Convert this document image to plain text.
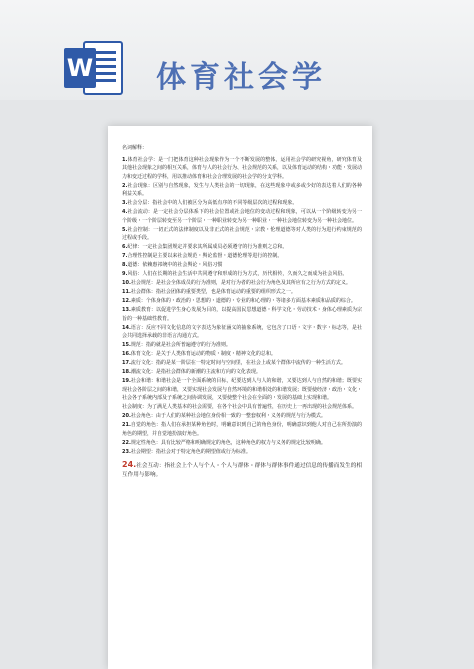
W 体育社会学
名词解释：
1.体育社会学：是一门把体育这种社会现象作为一个不断发展的整体，运用社会学的研究视角，研究体育及其他社会现象之间的相互关系，体育与人的社会行为、社会规范的关系，以及体育运动的结构・功能・发展动力和变迁过程的学科，用以推动体育和社会合理发展的社会学的分支学科。
2.社会现象：区别与自然现象，发生与人类社会的一切现象，在这些现象中或多或少好的表达着人们的各种利益关系。
3.社会分层：指社会中的人们被区分为高低有序的不同等级层次的过程和现象。
4.社会流动：是一定社会分层体系下的社会位置或社会地位的变动过程和现象，可以从一个阶级转变为另一个阶级・一个阶层转变至另一个阶层・一种职业转变为另一种职业・一种社会地位转变为另一种社会地位。
5.社会控制：一切正式的法律制度以及非正式的社会规范・宗教・伦理道德等对人类的行为进行约束规范的过程或手段。
6.纪律：一定社会集团规定并要求其所属成员必须遵守的行为准则之总和。
7.合理性控制是主要以来社会规范・舆论监督・道德伦理等进行的控制。
8.道德：依赖惠祁统中的社会舆论・风俗习惯
9.风俗：人们在长期的社会生活中共同遵守和形成的行为方式，历代相传，久而久之而成为社会风俗。
10.社会规范：是社会全体成员的行为准则，是对行为者的社会行为角色及其所应有之行为方式的定义。
11.社会群体：指社会团体的重要类型，也是体育运动的重要的组织形式之一。
12.素质：个体身体的・政治的・思想的・道德的・专业的和心理的・等诸多方面基本素质和品质的综合。
13.素质教育：以促进学生身心发展为目的，以提高国民思想道德・科学文化・劳动技术・身体心理素质为宗旨的一种基础性教育。
14.语言：反应不同文化信息的文字表达为象征涵义的抽象系统，它包含了口语・文字・数字・标志等，是社会共同选择承载的非语言沟通方式。
15.规范：指的就是社会所普遍遵守的行为准则。
16.体育文化：是关于人类体育运动的物质・制度・精神文化的总和。
17.流行文化：指的是某一阶层在一特定时间与空间里，在社会上或某个群体中流传的一种生活方式。
18.潮流文化：是指社会群体的新潮的主流和方向的文化表现。
19.社会和谐：和谐社会是一个全面系统的目标，纪要达到人与人的和谐，又要达到人与自然的和谐；既要实现社会各阶层之间的和谐，又要实现社会发展与自然环境的和谐相处的和谐发展；既要使经济・政治・文化・社会各子系统内部及子系统之间协调发展，又要使整个社会在全面的・发展的基础上实现和谐。
社会制度：为了满足人类基本的社会需要，在各个社会中具有普遍性，在历史上一再出现的社会规范体系。
20.社会角色：由于人们的某种社会地位身份相一致的一整套权利・义务的规范与行为模式。
21.自觉的角色：指人们在承担某种角色时，明确意识到自己的角色身份，明确意识到他人对自己在所扮演的角色的期望，并自觉地扮演好角色。
22.规定性角色：具有比较严格和明确规定的角色，这种角色的权力与义务的规定比较明确。
23.社会期望：指社会对于特定角色的期望值或行为标准。
24.社会互动：指社会上个人与个人・个人与群体・群体与群体事件通过信息的传播而发生的相互作用与影响。
